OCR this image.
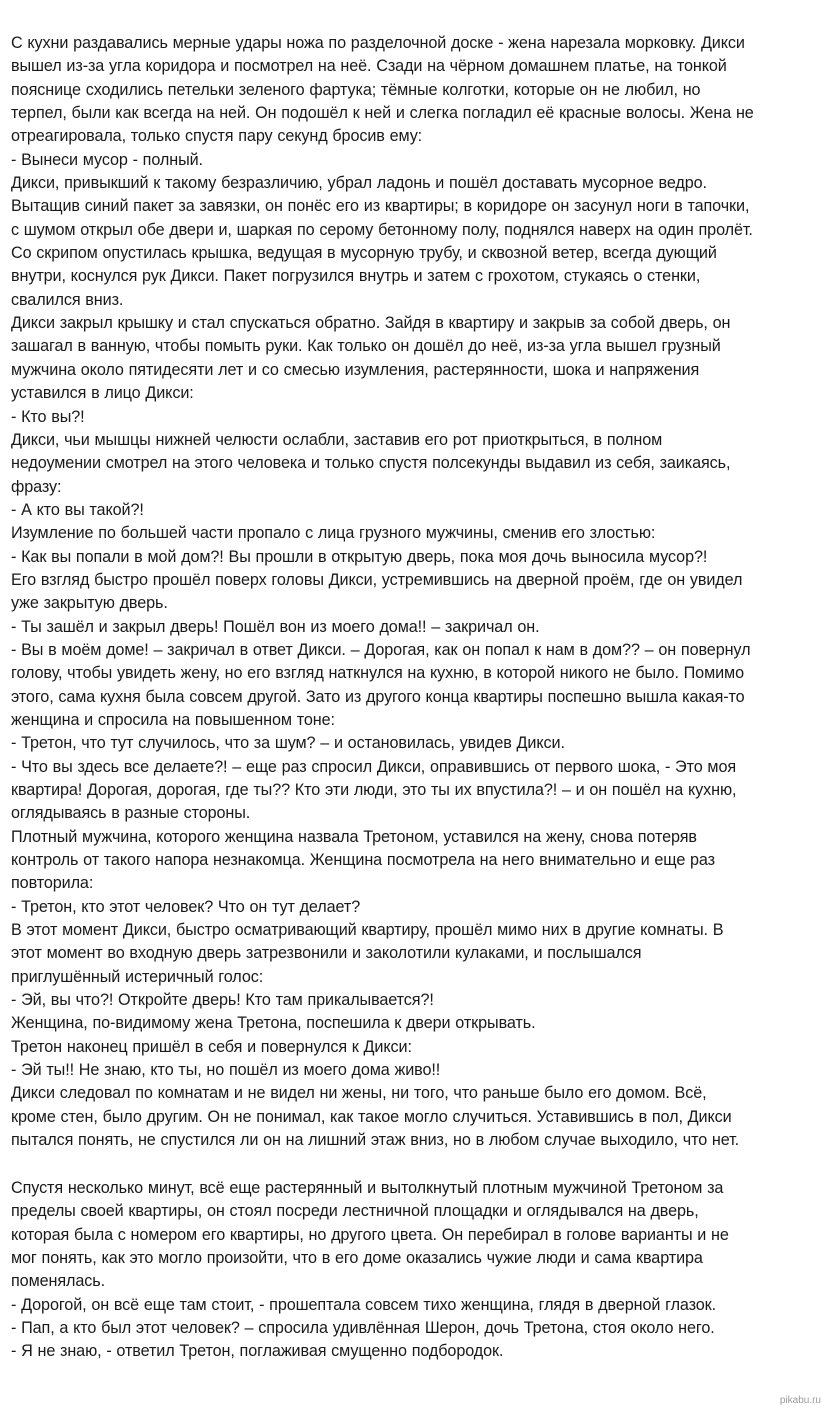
С кухни раздавались мерные удары ножа по разделочной доске - жена нарезала морковку. Дикси
вышел из-за угла коридора и посмотрел на неё. Сзади на чёрном домашнем платье, на тонкой
пояснице сходились петельки зеленого фартука; тёмные колготки, которые он не любил, но
терпел, были как всегда на ней. Он подошёл к ней и слегка погладил её красные волосы. Жена не
отреагировала, только спустя пару секунд бросив ему:
- Вынеси мусор - полный.
Дикси, привыкший к такому безразличию, убрал ладонь и пошёл доставать мусорное ведро.
Вытащив синий пакет за завязки, он понёс его из квартиры; в коридоре он засунул ноги в тапочки,
с шумом открыл обе двери и, шаркая по серому бетонному полу, поднялся наверх на один пролёт.
Со скрипом опустилась крышка, ведущая в мусорную трубу, и сквозной ветер, всегда дующий
внутри, коснулся рук Дикси. Пакет погрузился внутрь и затем с грохотом, стукаясь о стенки,
свалился вниз.
Дикси закрыл крышку и стал спускаться обратно. Зайдя в квартиру и закрыв за собой дверь, он
зашагал в ванную, чтобы помыть руки. Как только он дошёл до неё, из-за угла вышел грузный
мужчина около пятидесяти лет и со смесью изумления, растерянности, шока и напряжения
уставился в лицо Дикси:
- Кто вы?!
Дикси, чьи мышцы нижней челюсти ослабли, заставив его рот приоткрыться, в полном
недоумении смотрел на этого человека и только спустя полсекунды выдавил из себя, заикаясь,
фразу:
- А кто вы такой?!
Изумление по большей части пропало с лица грузного мужчины, сменив его злостью:
- Как вы попали в мой дом?! Вы прошли в открытую дверь, пока моя дочь выносила мусор?!
Его взгляд быстро прошёл поверх головы Дикси, устремившись на дверной проём, где он увидел
уже закрытую дверь.
- Ты зашёл и закрыл дверь! Пошёл вон из моего дома!! – закричал он.
- Вы в моём доме! – закричал в ответ Дикси. – Дорогая, как он попал к нам в дом?? – он повернул
голову, чтобы увидеть жену, но его взгляд наткнулся на кухню, в которой никого не было. Помимо
этого, сама кухня была совсем другой. Зато из другого конца квартиры поспешно вышла какая-то
женщина и спросила на повышенном тоне:
- Третон, что тут случилось, что за шум? – и остановилась, увидев Дикси.
- Что вы здесь все делаете?! – еще раз спросил Дикси, оправившись от первого шока, - Это моя
квартира! Дорогая, дорогая, где ты?? Кто эти люди, это ты их впустила?! – и он пошёл на кухню,
оглядываясь в разные стороны.
Плотный мужчина, которого женщина назвала Третоном, уставился на жену, снова потеряв
контроль от такого напора незнакомца. Женщина посмотрела на него внимательно и еще раз
повторила:
- Третон, кто этот человек? Что он тут делает?
В этот момент Дикси, быстро осматривающий квартиру, прошёл мимо них в другие комнаты. В
этот момент во входную дверь затрезвонили и заколотили кулаками, и послышался
приглушённый истеричный голос:
- Эй, вы что?! Откройте дверь! Кто там прикалывается?!
Женщина, по-видимому жена Третона, поспешила к двери открывать.
Третон наконец пришёл в себя и повернулся к Дикси:
- Эй ты!! Не знаю, кто ты, но пошёл из моего дома живо!!
Дикси следовал по комнатам и не видел ни жены, ни того, что раньше было его домом. Всё,
кроме стен, было другим. Он не понимал, как такое могло случиться. Уставившись в пол, Дикси
пытался понять, не спустился ли он на лишний этаж вниз, но в любом случае выходило, что нет.
Спустя несколько минут, всё еще растерянный и вытолкнутый плотным мужчиной Третоном за
пределы своей квартиры, он стоял посреди лестничной площадки и оглядывался на дверь,
которая была с номером его квартиры, но другого цвета. Он перебирал в голове варианты и не
мог понять, как это могло произойти, что в его доме оказались чужие люди и сама квартира
поменялась.
- Дорогой, он всё еще там стоит, - прошептала совсем тихо женщина, глядя в дверной глазок.
- Пап, а кто был этот человек? – спросила удивлённая Шерон, дочь Третона, стоя около него.
- Я не знаю, - ответил Третон, поглаживая смущенно подбородок.
pikabu.ru
